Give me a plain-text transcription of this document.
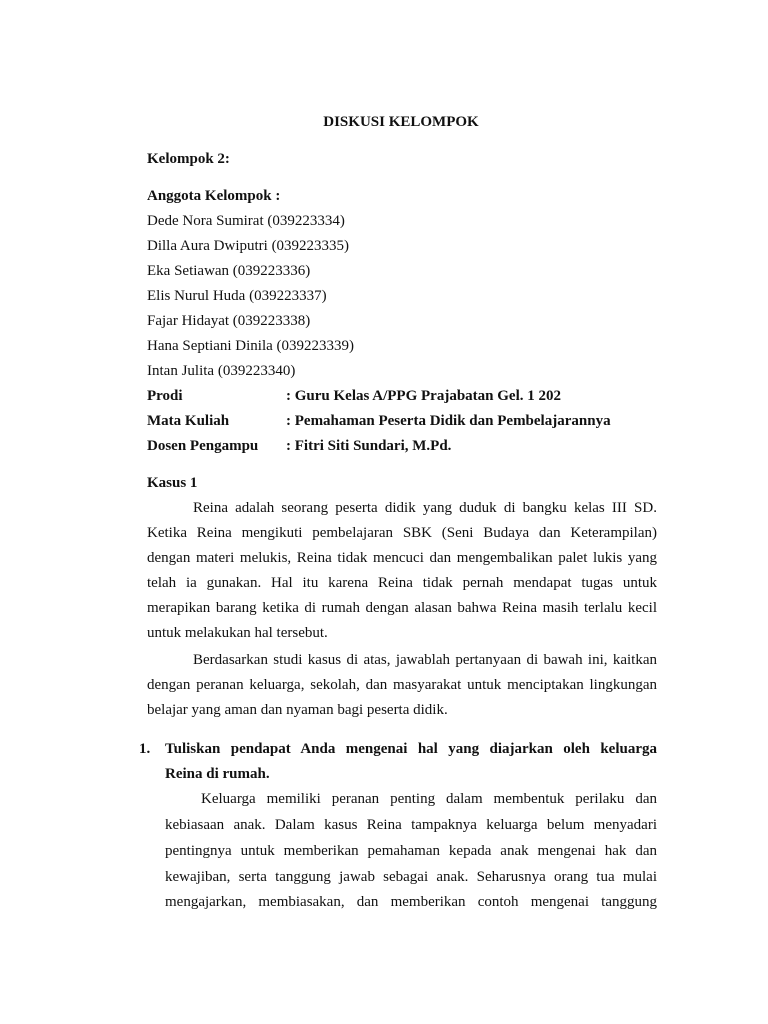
DISKUSI KELOMPOK
Kelompok 2:
Anggota Kelompok :
Dede Nora Sumirat (039223334)
Dilla Aura Dwiputri (039223335)
Eka Setiawan (039223336)
Elis Nurul Huda (039223337)
Fajar Hidayat (039223338)
Hana Septiani Dinila (039223339)
Intan Julita (039223340)
Prodi	: Guru Kelas A/PPG Prajabatan Gel. 1 202
Mata Kuliah	: Pemahaman Peserta Didik dan Pembelajarannya
Dosen Pengampu : Fitri Siti Sundari, M.Pd.
Kasus 1
Reina adalah seorang peserta didik yang duduk di bangku kelas III SD.
Ketika Reina mengikuti pembelajaran SBK (Seni Budaya dan Keterampilan)
dengan materi melukis, Reina tidak mencuci dan mengembalikan palet lukis yang
telah ia gunakan. Hal itu karena Reina tidak pernah mendapat tugas untuk
merapikan barang ketika di rumah dengan alasan bahwa Reina masih terlalu kecil
untuk melakukan hal tersebut.
Berdasarkan studi kasus di atas, jawablah pertanyaan di bawah ini, kaitkan
dengan peranan keluarga, sekolah, dan masyarakat untuk menciptakan lingkungan
belajar yang aman dan nyaman bagi peserta didik.
1. Tuliskan pendapat Anda mengenai hal yang diajarkan oleh keluarga
Reina di rumah.
Keluarga memiliki peranan penting dalam membentuk perilaku dan
kebiasaan anak. Dalam kasus Reina tampaknya keluarga belum menyadari
pentingnya untuk memberikan pemahaman kepada anak mengenai hak dan
kewajiban, serta tanggung jawab sebagai anak. Seharusnya orang tua mulai
mengajarkan, membiasakan, dan memberikan contoh mengenai tanggung
